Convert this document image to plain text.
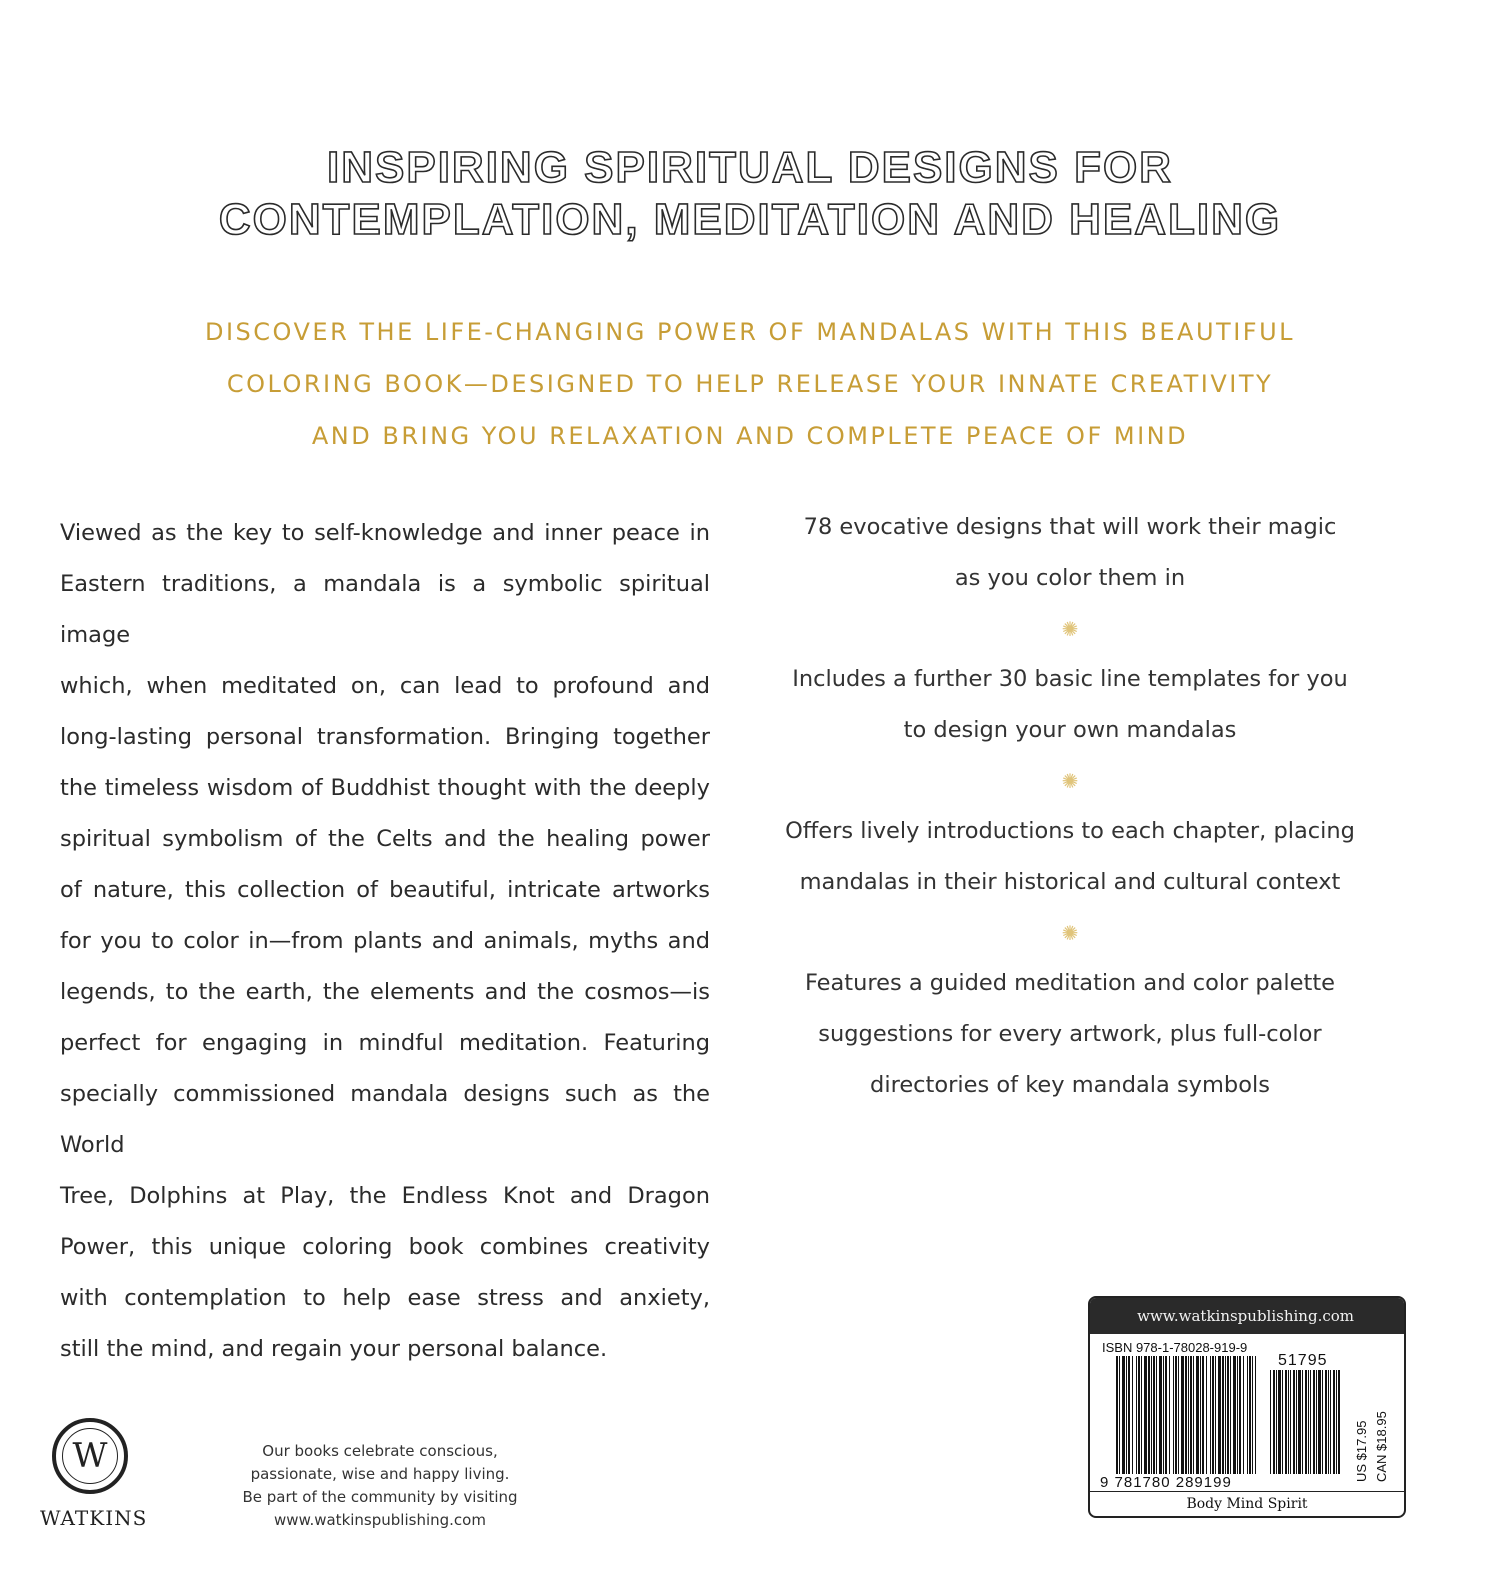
INSPIRING SPIRITUAL DESIGNS FOR
CONTEMPLATION, MEDITATION AND HEALING
DISCOVER THE LIFE-CHANGING POWER OF MANDALAS WITH THIS BEAUTIFUL
COLORING BOOK—DESIGNED TO HELP RELEASE YOUR INNATE CREATIVITY
AND BRING YOU RELAXATION AND COMPLETE PEACE OF MIND
Viewed as the key to self-knowledge and inner peace in
Eastern traditions, a mandala is a symbolic spiritual image
which, when meditated on, can lead to profound and
long-lasting personal transformation. Bringing together
the timeless wisdom of Buddhist thought with the deeply
spiritual symbolism of the Celts and the healing power
of nature, this collection of beautiful, intricate artworks
for you to color in—from plants and animals, myths and
legends, to the earth, the elements and the cosmos—is
perfect for engaging in mindful meditation. Featuring
specially commissioned mandala designs such as the World
Tree, Dolphins at Play, the Endless Knot and Dragon
Power, this unique coloring book combines creativity
with contemplation to help ease stress and anxiety,
still the mind, and regain your personal balance.
78 evocative designs that will work their magic
as you color them in
✺
Includes a further 30 basic line templates for you
to design your own mandalas
✺
Offers lively introductions to each chapter, placing
mandalas in their historical and cultural context
✺
Features a guided meditation and color palette
suggestions for every artwork, plus full-color
directories of key mandala symbols
W
WATKINS
Our books celebrate conscious,
passionate, wise and happy living.
Be part of the community by visiting
www.watkinspublishing.com
www.watkinspublishing.com
ISBN 978-1-78028-919-9
51795
9 781780 289199
US $17.95 CAN $18.95
Body Mind Spirit
